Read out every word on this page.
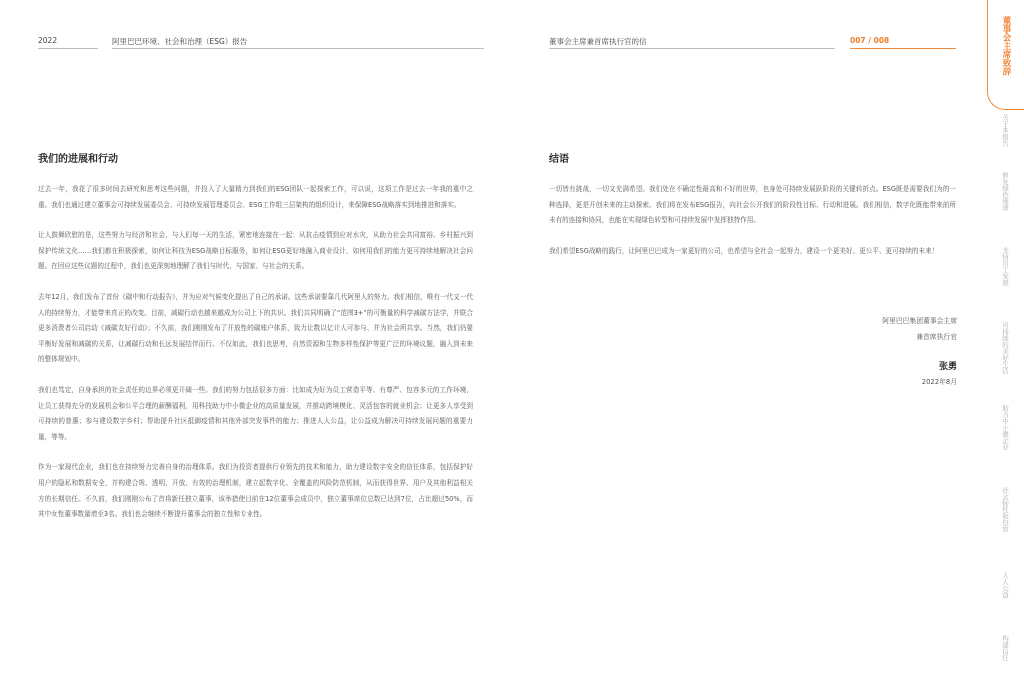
2022	阿里巴巴环境、社会和治理（ESG）报告	董事会主席兼首席执行官的信	007 / 008
我们的进展和行动

过去一年，我花了很多时间去研究和思考这些问题，并投入了大量精力到我们的ESG团队一起探索工作，可以说，这项工作是过去一年我的重中之重。我们也通过建立董事会可持续发展委员会、可持续发展管理委员会、ESG工作组三层架构的组织设计，来保障ESG战略落实到地推进和落实。

让人鼓舞欣慰的是，这些努力与经济和社会，与人们每一天的生活，紧密地连接在一起：从抗击疫情到应对水灾，从助力社会共同富裕、乡村振兴到保护传统文化……我们都在积极探索，如何让科技为ESG战略目标服务，如何让ESG更好地融入商业设计，如何用我们的能力更可持续地解决社会问题。在回应这些议题的过程中，我们也更深刻地理解了我们与时代、与国家、与社会的关系。

去年12月，我们发布了首份《碳中和行动报告》，并为应对气候变化提出了自己的承诺。这些承诺要靠几代阿里人的努力。我们相信，唯有一代又一代人的持续努力，才能带来真正的改变。目前，减碳行动也越来越成为公司上下的共识。我们共同明确了“范围3+”的可衡量的科学减碳方法学，并联合更多消费者公司启动《减碳友好行动》；不久前，我们刚刚发布了开放性的碳账户体系，致力让数以亿计人可参与、并为社会所共享。当然，我们仍要平衡好发展和减碳的关系，让减碳行动和长远发展结伴而行。不仅如此，我们也思考，自然资源和生物多样性保护等更广泛的环境议题，融入到未来的整体规划中。

我们也笃定，自身承担的社会责任的边界必须更开阔一些。我们的努力包括很多方面：比如成为好为员工营造平等、有尊严、包容多元的工作环境，让员工获得充分的发展机会和公平合理的薪酬福利，用科技助力中小微企业的高质量发展，并推动跨境模化、灵活包容的就业机会；让更多人享受到可持续的普惠；参与建设数字乡村；帮助提升社区抵御疫情和其他外部突发事件的能力；推进人人公益，让公益成为解决可持续发展问题的重要力量，等等。

作为一家现代企业，我们也在持续努力完善自身的治理体系。我们为投资者提供行业领先的技术和能力，助力建设数字安全的信任体系，包括保护好用户的隐私和数据安全，并构建合规、透明、开放、有效的治理机制，建立起数字化、全覆盖的风险防范机制，从而获得世界、用户及其他利益相关方的长期信任。不久前，我们刚刚公布了首将新任独立董事，该举措使目前在12位董事会成员中，独立董事席位总数已达到7位，占比超过50%，而其中女性董事数量增至3名。我们也会继续不断提升董事会的独立性和专业性。

结语

一切皆有挑战，一切又充满希望。我们处在不确定性最高和不好的世界，也身处可持续发展跃阶段的关键转折点。ESG既是需要我们为的一种选择，更是开创未来的主动探索。我们将在发布ESG报告，向社会公开我们的阶段性目标、行动和进展。我们相信，数字化既能带来前所未有的连接和协同，也能在实现绿色转型和可持续发展中发挥独特作用。

我们希望ESG战略的践行，让阿里巴巴成为一家更好的公司，也希望与全社会一起努力，建设一个更美好、更公平、更可持续的未来！

阿里巴巴集团董事会主席
兼首席执行官
张勇
2022年8月
董事会主席致辞
关于本报告
修复绿色地球
支持员工发展
可持续的美好生活
助力中小微企业
社会韧性和包容
人人公益
构建信任
